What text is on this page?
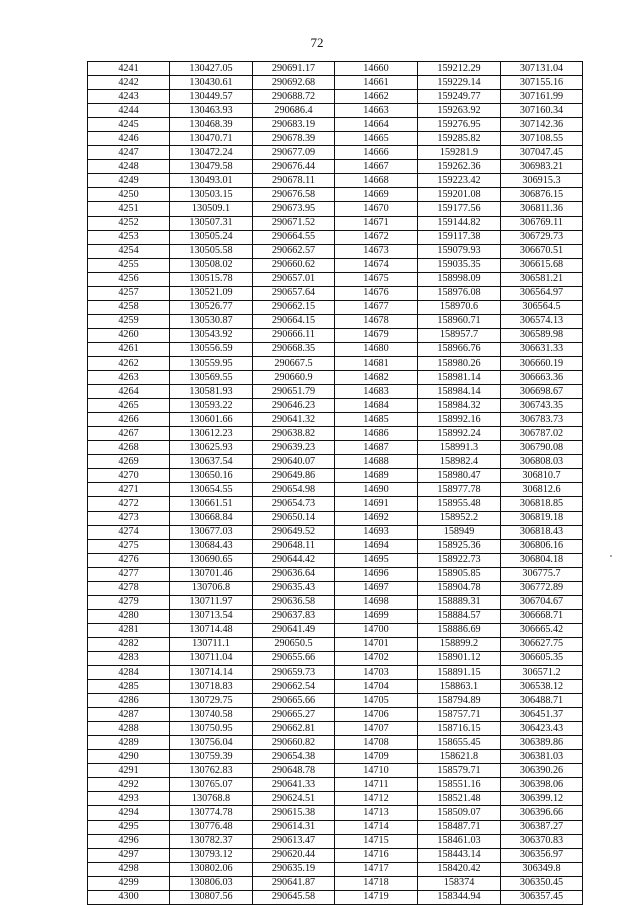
72
4241	130427.05	290691.17	14660	159212.29	307131.04
4242	130430.61	290692.68	14661	159229.14	307155.16
4243	130449.57	290688.72	14662	159249.77	307161.99
4244	130463.93	290686.4	14663	159263.92	307160.34
4245	130468.39	290683.19	14664	159276.95	307142.36
4246	130470.71	290678.39	14665	159285.82	307108.55
4247	130472.24	290677.09	14666	159281.9	307047.45
4248	130479.58	290676.44	14667	159262.36	306983.21
4249	130493.01	290678.11	14668	159223.42	306915.3
4250	130503.15	290676.58	14669	159201.08	306876.15
4251	130509.1	290673.95	14670	159177.56	306811.36
4252	130507.31	290671.52	14671	159144.82	306769.11
4253	130505.24	290664.55	14672	159117.38	306729.73
4254	130505.58	290662.57	14673	159079.93	306670.51
4255	130508.02	290660.62	14674	159035.35	306615.68
4256	130515.78	290657.01	14675	158998.09	306581.21
4257	130521.09	290657.64	14676	158976.08	306564.97
4258	130526.77	290662.15	14677	158970.6	306564.5
4259	130530.87	290664.15	14678	158960.71	306574.13
4260	130543.92	290666.11	14679	158957.7	306589.98
4261	130556.59	290668.35	14680	158966.76	306631.33
4262	130559.95	290667.5	14681	158980.26	306660.19
4263	130569.55	290660.9	14682	158981.14	306663.36
4264	130581.93	290651.79	14683	158984.14	306698.67
4265	130593.22	290646.23	14684	158984.32	306743.35
4266	130601.66	290641.32	14685	158992.16	306783.73
4267	130612.23	290638.82	14686	158992.24	306787.02
4268	130625.93	290639.23	14687	158991.3	306790.08
4269	130637.54	290640.07	14688	158982.4	306808.03
4270	130650.16	290649.86	14689	158980.47	306810.7
4271	130654.55	290654.98	14690	158977.78	306812.6
4272	130661.51	290654.73	14691	158955.48	306818.85
4273	130668.84	290650.14	14692	158952.2	306819.18
4274	130677.03	290649.52	14693	158949	306818.43
4275	130684.43	290648.11	14694	158925.36	306806.16
4276	130690.65	290644.42	14695	158922.73	306804.18
4277	130701.46	290636.64	14696	158905.85	306775.7
4278	130706.8	290635.43	14697	158904.78	306772.89
4279	130711.97	290636.58	14698	158889.31	306704.67
4280	130713.54	290637.83	14699	158884.57	306668.71
4281	130714.48	290641.49	14700	158886.69	306665.42
4282	130711.1	290650.5	14701	158899.2	306627.75
4283	130711.04	290655.66	14702	158901.12	306605.35
4284	130714.14	290659.73	14703	158891.15	306571.2
4285	130718.83	290662.54	14704	158863.1	306538.12
4286	130729.75	290665.66	14705	158794.89	306488.71
4287	130740.58	290665.27	14706	158757.71	306451.37
4288	130750.95	290662.81	14707	158716.15	306423.43
4289	130756.04	290660.82	14708	158655.45	306389.86
4290	130759.39	290654.38	14709	158621.8	306381.03
4291	130762.83	290648.78	14710	158579.71	306390.26
4292	130765.07	290641.33	14711	158551.16	306398.06
4293	130768.8	290624.51	14712	158521.48	306399.12
4294	130774.78	290615.38	14713	158509.07	306396.66
4295	130776.48	290614.31	14714	158487.71	306387.27
4296	130782.37	290613.47	14715	158461.03	306370.83
4297	130793.12	290620.44	14716	158443.14	306356.97
4298	130802.06	290635.19	14717	158420.42	306349.8
4299	130806.03	290641.87	14718	158374	306350.45
4300	130807.56	290645.58	14719	158344.94	306357.45
